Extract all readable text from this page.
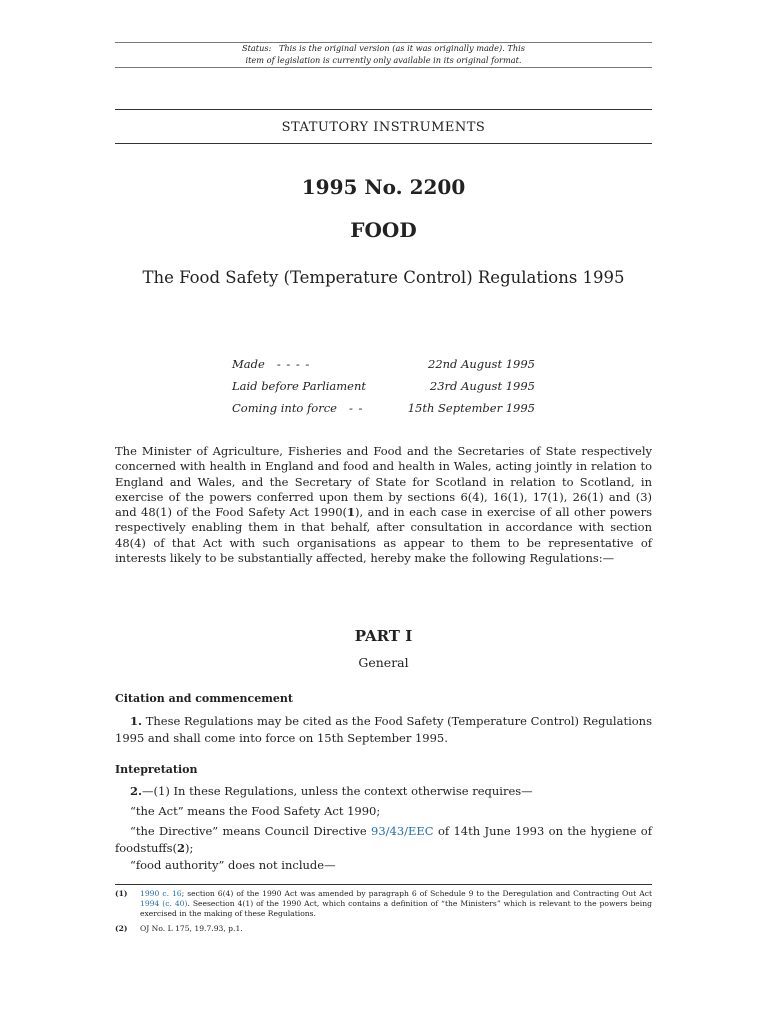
Status: This is the original version (as it was originally made). This
item of legislation is currently only available in its original format.
STATUTORY INSTRUMENTS
1995 No. 2200
FOOD
The Food Safety (Temperature Control) Regulations 1995
Made - - - -	22nd August 1995
Laid before Parliament	23rd August 1995
Coming into force - -	15th September 1995

The Minister of Agriculture, Fisheries and Food and the Secretaries of State respectively concerned with health in England and food and health in Wales, acting jointly in relation to England and Wales, and the Secretary of State for Scotland in relation to Scotland, in exercise of the powers conferred upon them by sections 6(4), 16(1), 17(1), 26(1) and (3) and 48(1) of the Food Safety Act 1990(1), and in each case in exercise of all other powers respectively enabling them in that behalf, after consultation in accordance with section 48(4) of that Act with such organisations as appear to them to be representative of interests likely to be substantially affected, hereby make the following Regulations:—

PART I
General
Citation and commencement

1. These Regulations may be cited as the Food Safety (Temperature Control) Regulations 1995 and shall come into force on 15th September 1995.

Intepretation

2.—(1) In these Regulations, unless the context otherwise requires—

“the Act” means the Food Safety Act 1990;

“the Directive” means Council Directive 93/43/EEC of 14th June 1993 on the hygiene of foodstuffs(2);

“food authority” does not include—

(1)	1990 c. 16; section 6(4) of the 1990 Act was amended by paragraph 6 of Schedule 9 to the Deregulation and Contracting Out Act 1994 (c. 40). Seesection 4(1) of the 1990 Act, which contains a definition of “the Ministers” which is relevant to the powers being exercised in the making of these Regulations.
(2)	OJ No. L 175, 19.7.93, p.1.
